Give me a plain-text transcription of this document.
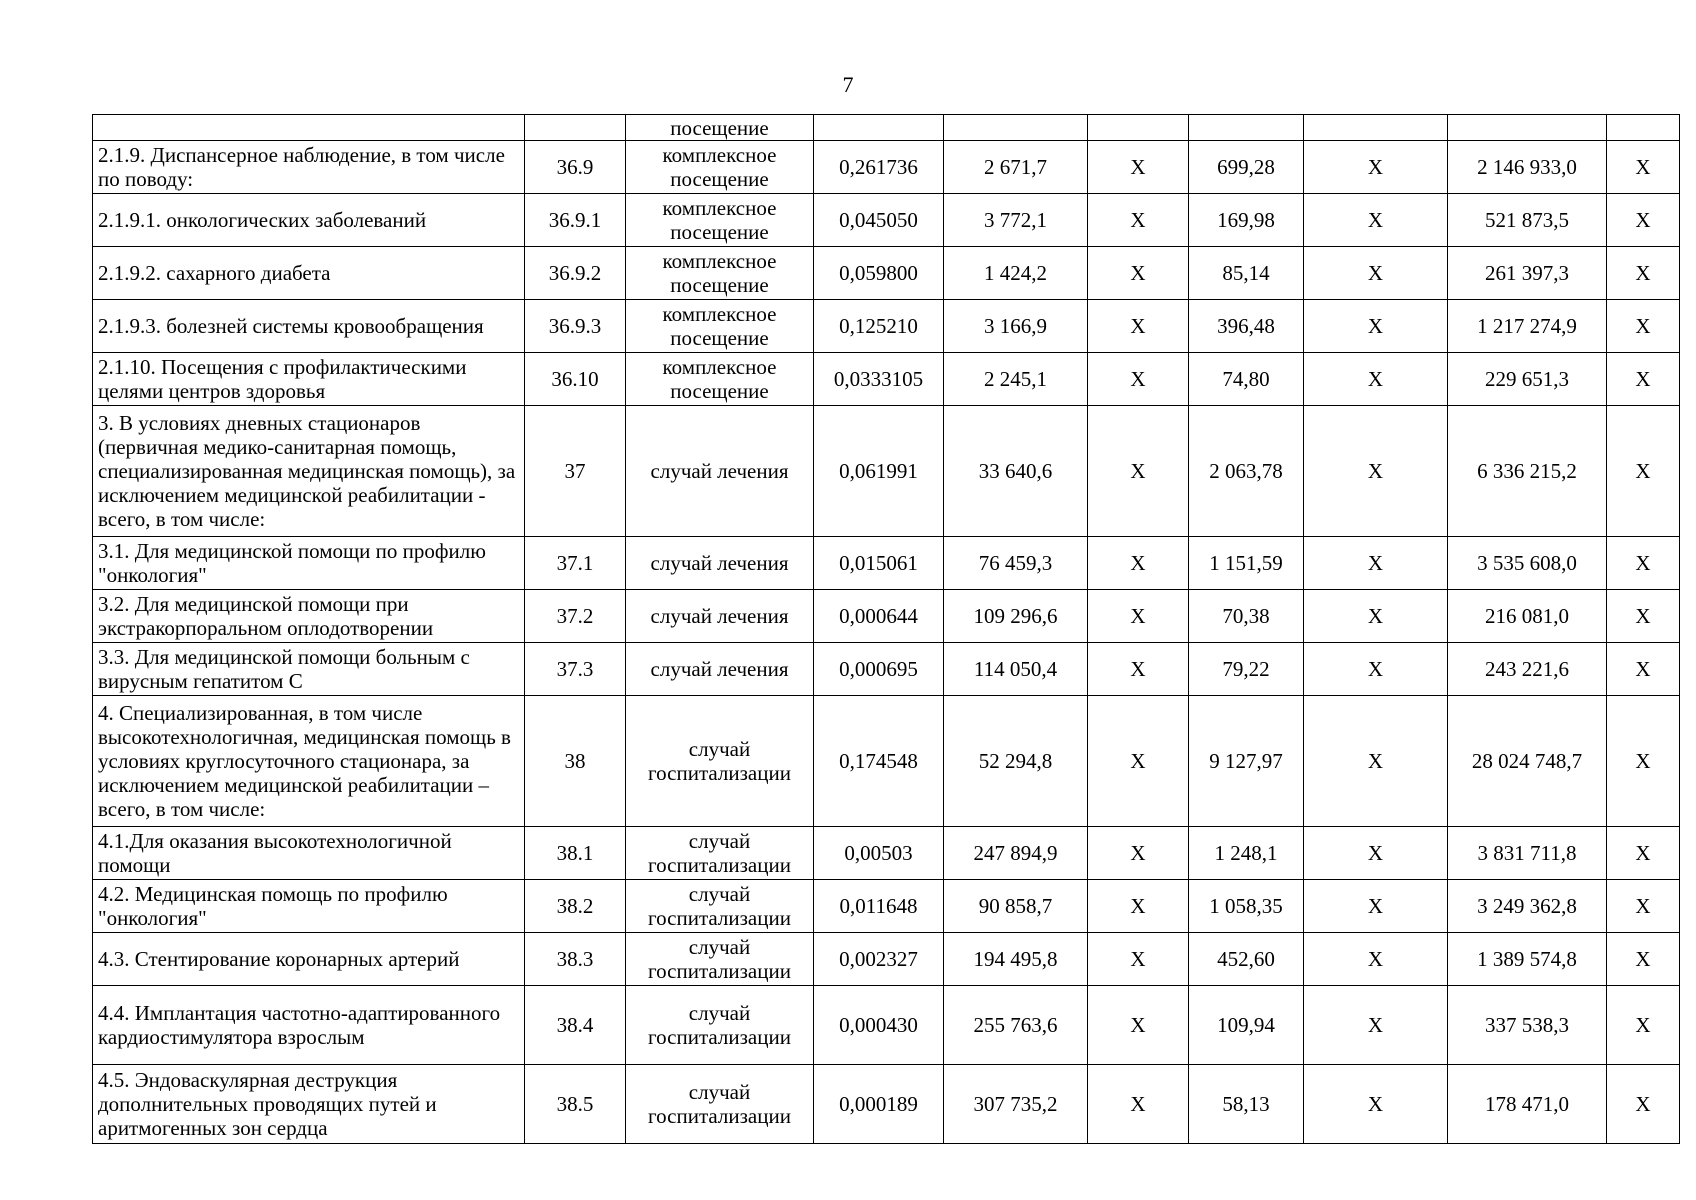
7
		посещение							
2.1.9. Диспансерное наблюдение, в том числе по поводу:	36.9	комплексное посещение	0,261736	2 671,7	X	699,28	X	2 146 933,0	X
2.1.9.1. онкологических заболеваний	36.9.1	комплексное посещение	0,045050	3 772,1	X	169,98	X	521 873,5	X
2.1.9.2. сахарного диабета	36.9.2	комплексное посещение	0,059800	1 424,2	X	85,14	X	261 397,3	X
2.1.9.3. болезней системы кровообращения	36.9.3	комплексное посещение	0,125210	3 166,9	X	396,48	X	1 217 274,9	X
2.1.10. Посещения с профилактическими целями центров здоровья	36.10	комплексное посещение	0,0333105	2 245,1	X	74,80	X	229 651,3	X
3. В условиях дневных стационаров (первичная медико-санитарная помощь, специализированная медицинская помощь), за исключением медицинской реабилитации - всего, в том числе:	37	случай лечения	0,061991	33 640,6	X	2 063,78	X	6 336 215,2	X
3.1. Для медицинской помощи по профилю "онкология"	37.1	случай лечения	0,015061	76 459,3	X	1 151,59	X	3 535 608,0	X
3.2. Для медицинской помощи при экстракорпоральном оплодотворении	37.2	случай лечения	0,000644	109 296,6	X	70,38	X	216 081,0	X
3.3. Для медицинской помощи больным с вирусным гепатитом С	37.3	случай лечения	0,000695	114 050,4	X	79,22	X	243 221,6	X
4. Специализированная, в том числе высокотехнологичная, медицинская помощь в условиях круглосуточного стационара, за исключением медицинской реабилитации – всего, в том числе:	38	случай госпитализации	0,174548	52 294,8	X	9 127,97	X	28 024 748,7	X
4.1.Для оказания высокотехнологичной помощи	38.1	случай госпитализации	0,00503	247 894,9	X	1 248,1	X	3 831 711,8	X
4.2. Медицинская помощь по профилю "онкология"	38.2	случай госпитализации	0,011648	90 858,7	X	1 058,35	X	3 249 362,8	X
4.3. Стентирование коронарных артерий	38.3	случай госпитализации	0,002327	194 495,8	X	452,60	X	1 389 574,8	X
4.4. Имплантация частотно-адаптированного кардиостимулятора взрослым	38.4	случай госпитализации	0,000430	255 763,6	X	109,94	X	337 538,3	X
4.5. Эндоваскулярная деструкция дополнительных проводящих путей и аритмогенных зон сердца	38.5	случай госпитализации	0,000189	307 735,2	X	58,13	X	178 471,0	X
